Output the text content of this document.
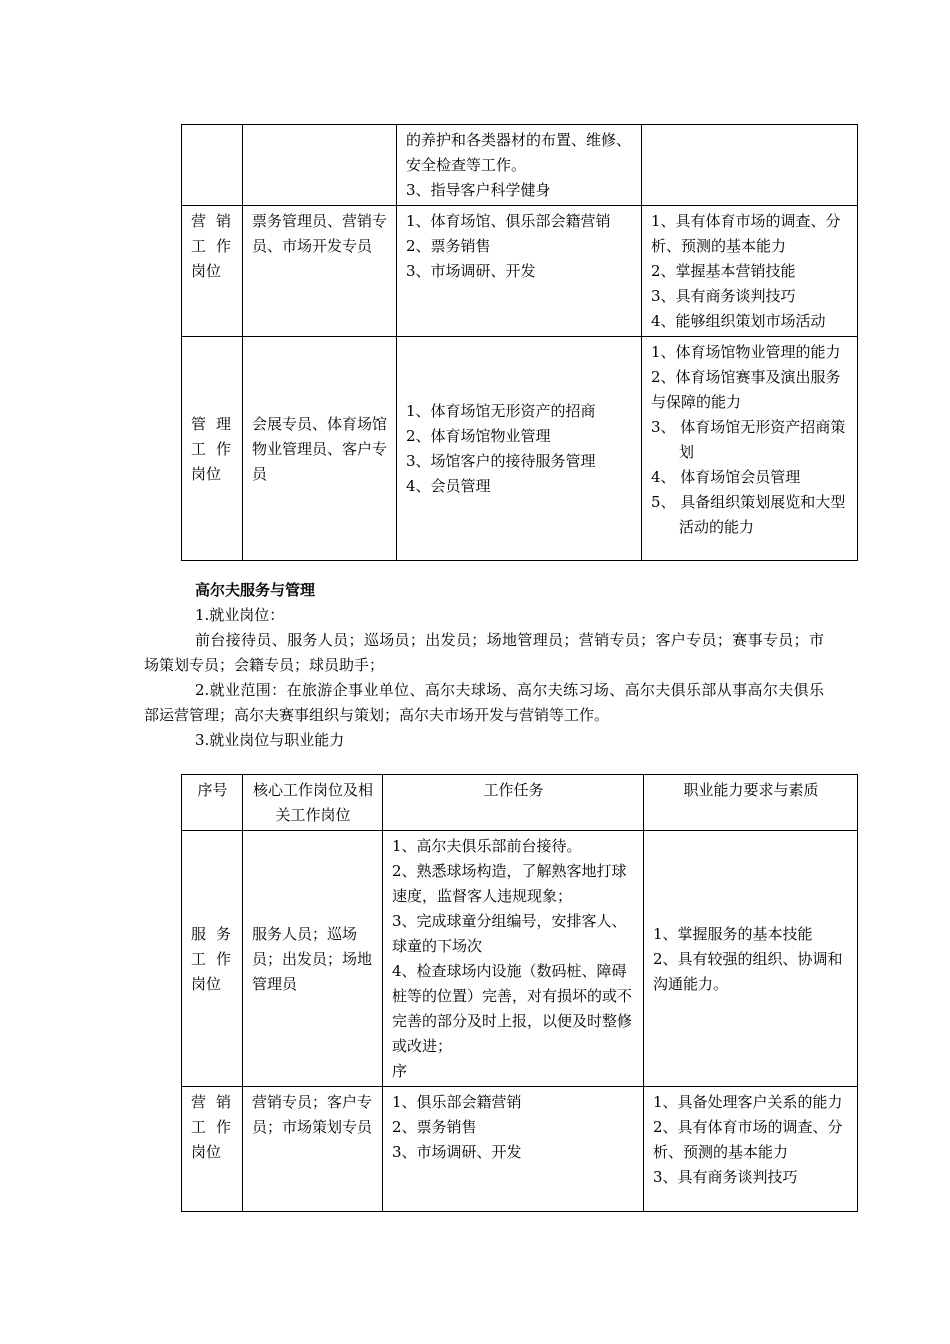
		的养护和各类器材的布置、维修、安全检查等工作。
3、指导客户科学健身	

营 销
工 作
岗位	票务管理员、营销专员、市场开发专员	1、体育场馆、俱乐部会籍营销
2、票务销售
3、市场调研、开发	1、具有体育市场的调查、分析、预测的基本能力
2、掌握基本营销技能
3、具有商务谈判技巧
4、能够组织策划市场活动

管 理
工 作
岗位	会展专员、体育场馆物业管理员、客户专员	1、体育场馆无形资产的招商
2、体育场馆物业管理
3、场馆客户的接待服务管理
4、会员管理	1、体育场馆物业管理的能力
2、体育场馆赛事及演出服务与保障的能力
3、 体育场馆无形资产招商策划
4、 体育场馆会员管理
5、 具备组织策划展览和大型活动的能力
高尔夫服务与管理
1.就业岗位：
前台接待员、服务人员；巡场员；出发员；场地管理员；营销专员；客户专员；赛事专员；市场策划专员；会籍专员；球员助手；
2.就业范围：在旅游企事业单位、高尔夫球场、高尔夫练习场、高尔夫俱乐部从事高尔夫俱乐部运营管理；高尔夫赛事组织与策划；高尔夫市场开发与营销等工作。
3.就业岗位与职业能力
序号	核心工作岗位及相关工作岗位	工作任务	职业能力要求与素质

服 务
工 作
岗位	服务人员；巡场员；出发员；场地管理员	1、高尔夫俱乐部前台接待。
2、熟悉球场构造，了解熟客地打球速度，监督客人违规现象；
3、完成球童分组编号，安排客人、球童的下场次
4、检查球场内设施（数码桩、障碍桩等的位置）完善，对有损坏的或不完善的部分及时上报，以便及时整修或改进；
序	1、掌握服务的基本技能
2、具有较强的组织、协调和沟通能力。

营 销
工 作
岗位	营销专员；客户专员；市场策划专员	1、俱乐部会籍营销
2、票务销售
3、市场调研、开发	1、具备处理客户关系的能力
2、具有体育市场的调查、分析、预测的基本能力
3、具有商务谈判技巧
